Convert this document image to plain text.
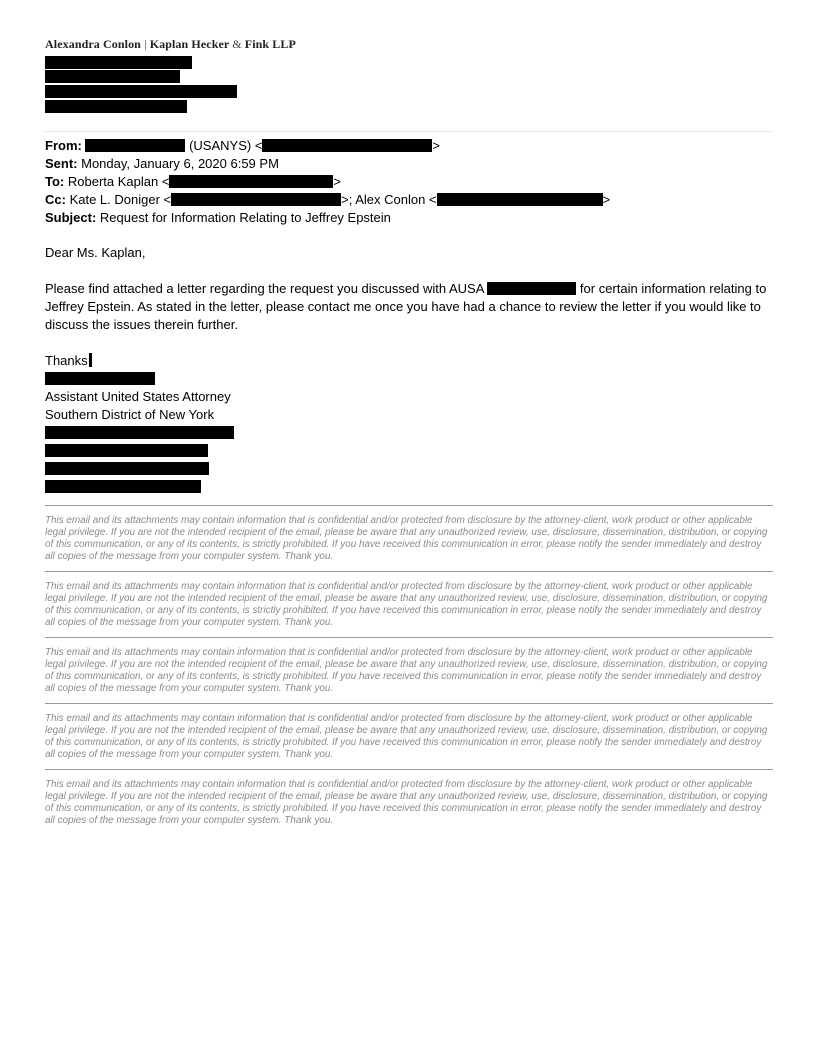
Alexandra Conlon | Kaplan Hecker & Fink LLP
From:	(USANYS) <	>
Sent: Monday, January 6, 2020 6:59 PM
To: Roberta Kaplan <	>
Cc: Kate L. Doniger <	>; Alex Conlon <	>
Subject: Request for Information Relating to Jeffrey Epstein
Dear Ms. Kaplan,
Please find attached a letter regarding the request you discussed with AUSA	for certain information relating to Jeffrey Epstein. As stated in the letter, please contact me once you have had a chance to review the letter if you would like to discuss the issues therein further.
Thanks
Assistant United States Attorney
Southern District of New York
This email and its attachments may contain information that is confidential and/or protected from disclosure by the attorney-client, work product or other applicable legal privilege. If you are not the intended recipient of the email, please be aware that any unauthorized review, use, disclosure, dissemination, distribution, or copying of this communication, or any of its contents, is strictly prohibited. If you have received this communication in error, please notify the sender immediately and destroy all copies of the message from your computer system. Thank you.
This email and its attachments may contain information that is confidential and/or protected from disclosure by the attorney-client, work product or other applicable legal privilege. If you are not the intended recipient of the email, please be aware that any unauthorized review, use, disclosure, dissemination, distribution, or copying of this communication, or any of its contents, is strictly prohibited. If you have received this communication in error, please notify the sender immediately and destroy all copies of the message from your computer system. Thank you.
This email and its attachments may contain information that is confidential and/or protected from disclosure by the attorney-client, work product or other applicable legal privilege. If you are not the intended recipient of the email, please be aware that any unauthorized review, use, disclosure, dissemination, distribution, or copying of this communication, or any of its contents, is strictly prohibited. If you have received this communication in error, please notify the sender immediately and destroy all copies of the message from your computer system. Thank you.
This email and its attachments may contain information that is confidential and/or protected from disclosure by the attorney-client, work product or other applicable legal privilege. If you are not the intended recipient of the email, please be aware that any unauthorized review, use, disclosure, dissemination, distribution, or copying of this communication, or any of its contents, is strictly prohibited. If you have received this communication in error, please notify the sender immediately and destroy all copies of the message from your computer system. Thank you.
This email and its attachments may contain information that is confidential and/or protected from disclosure by the attorney-client, work product or other applicable legal privilege. If you are not the intended recipient of the email, please be aware that any unauthorized review, use, disclosure, dissemination, distribution, or copying of this communication, or any of its contents, is strictly prohibited. If you have received this communication in error, please notify the sender immediately and destroy all copies of the message from your computer system. Thank you.
